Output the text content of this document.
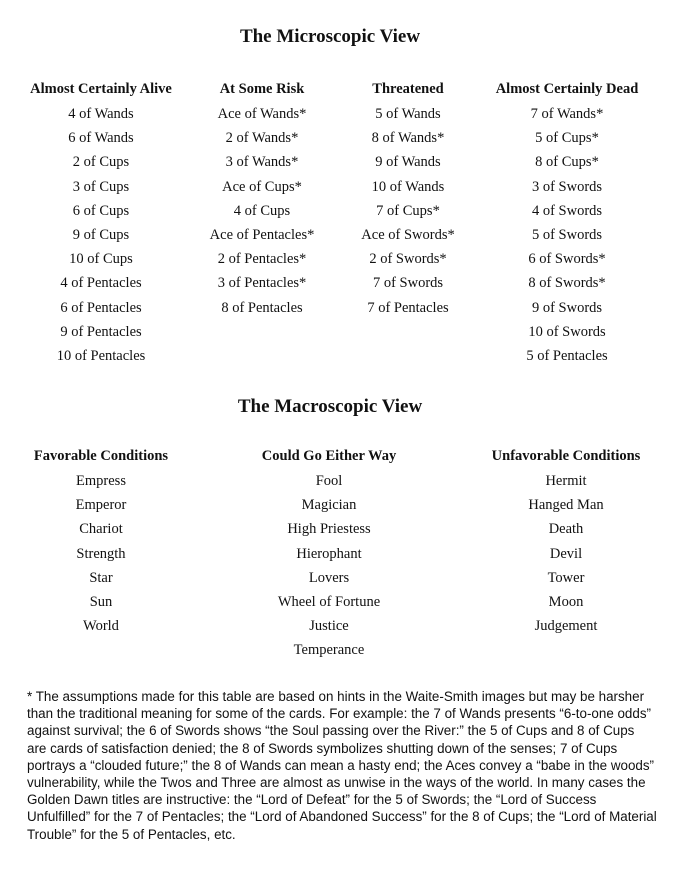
The Microscopic View
Almost Certainly Alive
4 of Wands
6 of Wands
2 of Cups
3 of Cups
6 of Cups
9 of Cups
10 of Cups
4 of Pentacles
6 of Pentacles
9 of Pentacles
10 of Pentacles
At Some Risk
Ace of Wands*
2 of Wands*
3 of Wands*
Ace of Cups*
4 of Cups
Ace of Pentacles*
2 of Pentacles*
3 of Pentacles*
8 of Pentacles
Threatened
5 of Wands
8 of Wands*
9 of Wands
10 of Wands
7 of Cups*
Ace of Swords*
2 of Swords*
7 of Swords
7 of Pentacles
Almost Certainly Dead
7 of Wands*
5 of Cups*
8 of Cups*
3 of Swords
4 of Swords
5 of Swords
6 of Swords*
8 of Swords*
9 of Swords
10 of Swords
5 of Pentacles
The Macroscopic View
Favorable Conditions
Empress
Emperor
Chariot
Strength
Star
Sun
World
Could Go Either Way
Fool
Magician
High Priestess
Hierophant
Lovers
Wheel of Fortune
Justice
Temperance
Unfavorable Conditions
Hermit
Hanged Man
Death
Devil
Tower
Moon
Judgement
* The assumptions made for this table are based on hints in the Waite-Smith images but may be harsher than the traditional meaning for some of the cards. For example: the 7 of Wands presents “6-to-one odds” against survival; the 6 of Swords shows “the Soul passing over the River:” the 5 of Cups and 8 of Cups are cards of satisfaction denied; the 8 of Swords symbolizes shutting down of the senses; 7 of Cups portrays a “clouded future;” the 8 of Wands can mean a hasty end; the Aces convey a “babe in the woods” vulnerability, while the Twos and Three are almost as unwise in the ways of the world. In many cases the Golden Dawn titles are instructive: the “Lord of Defeat” for the 5 of Swords; the “Lord of Success Unfulfilled” for the 7 of Pentacles; the “Lord of Abandoned Success” for the 8 of Cups; the “Lord of Material Trouble” for the 5 of Pentacles, etc.
